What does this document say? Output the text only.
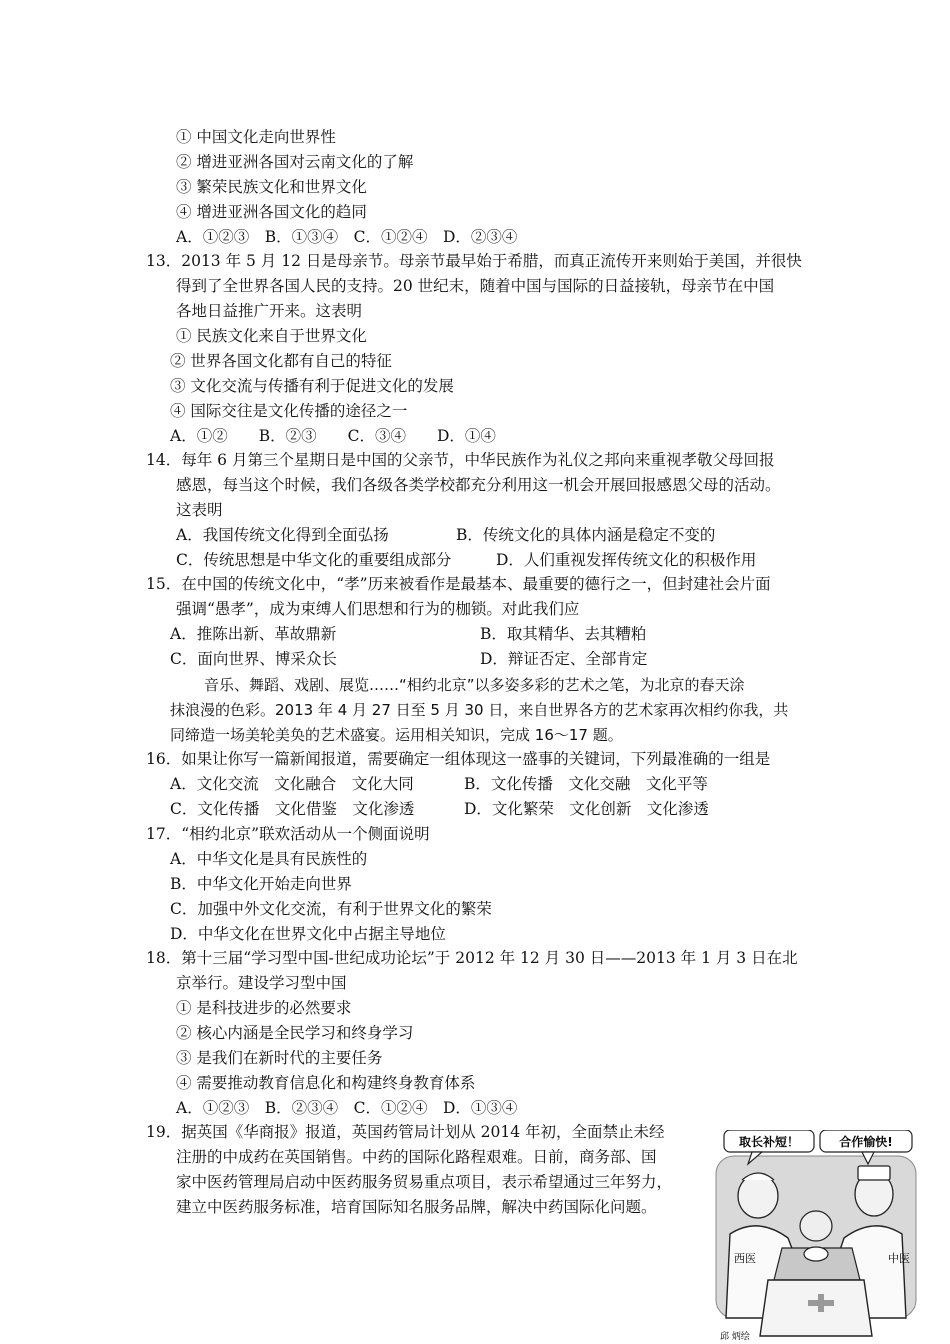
① 中国文化走向世界性
② 增进亚洲各国对云南文化的了解
③ 繁荣民族文化和世界文化
④ 增进亚洲各国文化的趋同
A．①②③　B．①③④　C．①②④　D．②③④
13．2013 年 5 月 12 日是母亲节。母亲节最早始于希腊，而真正流传开来则始于美国，并很快
得到了全世界各国人民的支持。20 世纪末，随着中国与国际的日益接轨，母亲节在中国
各地日益推广开来。这表明
① 民族文化来自于世界文化
② 世界各国文化都有自己的特征
③ 文化交流与传播有利于促进文化的发展
④ 国际交往是文化传播的途径之一
A．①②　　B．②③　　C．③④　　D．①④
14．每年 6 月第三个星期日是中国的父亲节，中华民族作为礼仪之邦向来重视孝敬父母回报
感恩，每当这个时候，我们各级各类学校都充分利用这一机会开展回报感恩父母的活动。
这表明
A．我国传统文化得到全面弘扬	B．传统文化的具体内涵是稳定不变的
C．传统思想是中华文化的重要组成部分	D．人们重视发挥传统文化的积极作用
15．在中国的传统文化中，“孝”历来被看作是最基本、最重要的德行之一，但封建社会片面
强调“愚孝”，成为束缚人们思想和行为的枷锁。对此我们应
A．推陈出新、革故鼎新	B．取其精华、去其糟粕
C．面向世界、博采众长	D．辩证否定、全部肯定
音乐、舞蹈、戏剧、展览……“相约北京”以多姿多彩的艺术之笔，为北京的春天涂
抹浪漫的色彩。2013 年 4 月 27 日至 5 月 30 日，来自世界各方的艺术家再次相约你我，共
同缔造一场美轮美奂的艺术盛宴。运用相关知识，完成 16～17 题。
16．如果让你写一篇新闻报道，需要确定一组体现这一盛事的关键词，下列最准确的一组是
A．文化交流　文化融合　文化大同	B．文化传播　文化交融　文化平等
C．文化传播　文化借鉴　文化渗透	D．文化繁荣　文化创新　文化渗透
17．“相约北京”联欢活动从一个侧面说明
A．中华文化是具有民族性的
B．中华文化开始走向世界
C．加强中外文化交流，有利于世界文化的繁荣
D．中华文化在世界文化中占据主导地位
18．第十三届“学习型中国-世纪成功论坛”于 2012 年 12 月 30 日——2013 年 1 月 3 日在北
京举行。建设学习型中国
① 是科技进步的必然要求
② 核心内涵是全民学习和终身学习
③ 是我们在新时代的主要任务
④ 需要推动教育信息化和构建终身教育体系
A．①②③　B．②③④　C．①②④　D．①③④
19．据英国《华商报》报道，英国药管局计划从 2014 年初，全面禁止未经
注册的中成药在英国销售。中药的国际化路程艰难。日前，商务部、国
家中医药管理局启动中医药服务贸易重点项目，表示希望通过三年努力，
建立中医药服务标准，培育国际知名服务品牌，解决中药国际化问题。
取长补短！	合作愉快!
西医	中医
邱 炳绘
